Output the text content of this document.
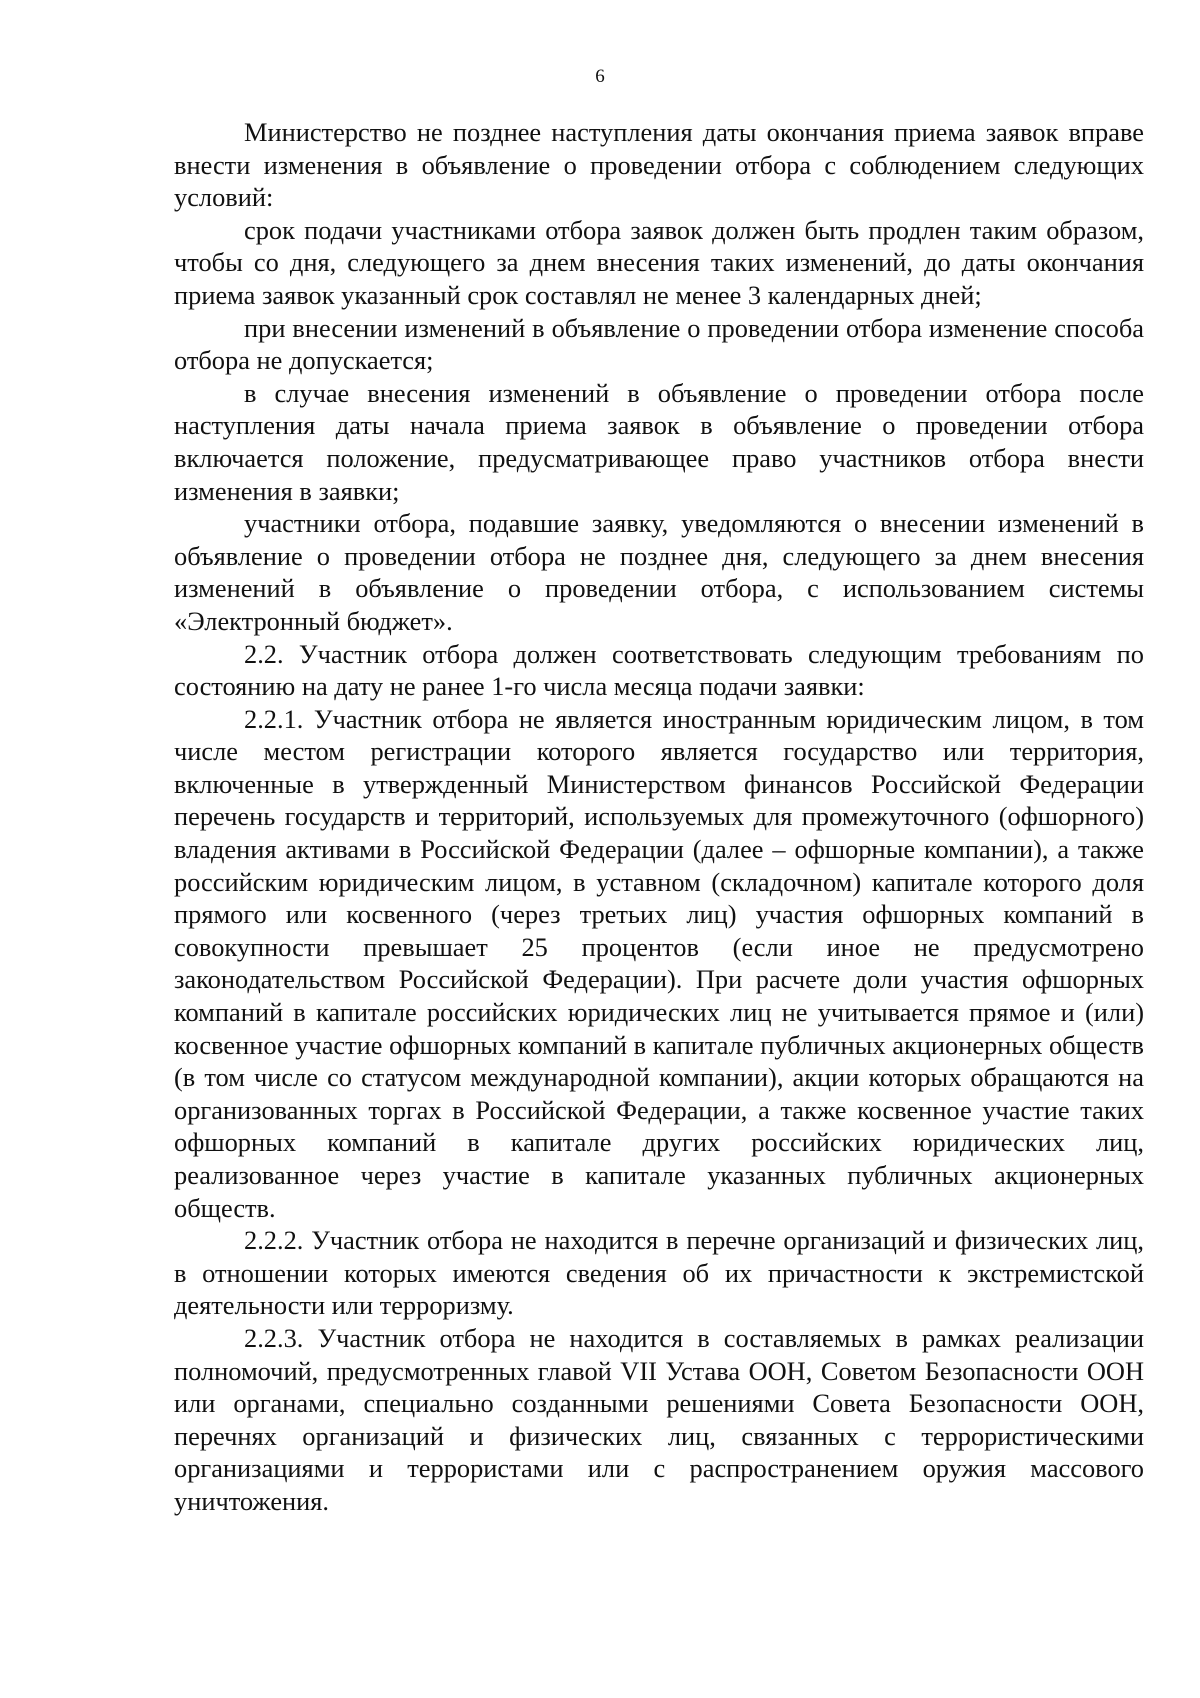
6

Министерство не позднее наступления даты окончания приема заявок вправе внести изменения в объявление о проведении отбора с соблюдением следующих условий:

срок подачи участниками отбора заявок должен быть продлен таким образом, чтобы со дня, следующего за днем внесения таких изменений, до даты окончания приема заявок указанный срок составлял не менее 3 календарных дней;

при внесении изменений в объявление о проведении отбора изменение способа отбора не допускается;

в случае внесения изменений в объявление о проведении отбора после наступления даты начала приема заявок в объявление о проведении отбора включается положение, предусматривающее право участников отбора внести изменения в заявки;

участники отбора, подавшие заявку, уведомляются о внесении изменений в объявление о проведении отбора не позднее дня, следующего за днем внесения изменений в объявление о проведении отбора, с использованием системы «Электронный бюджет».

2.2. Участник отбора должен соответствовать следующим требованиям по состоянию на дату не ранее 1-го числа месяца подачи заявки:

2.2.1. Участник отбора не является иностранным юридическим лицом, в том числе местом регистрации которого является государство или территория, включенные в утвержденный Министерством финансов Российской Федерации перечень государств и территорий, используемых для промежуточного (офшорного) владения активами в Российской Федерации (далее – офшорные компании), а также российским юридическим лицом, в уставном (складочном) капитале которого доля прямого или косвенного (через третьих лиц) участия офшорных компаний в совокупности превышает 25 процентов (если иное не предусмотрено законодательством Российской Федерации). При расчете доли участия офшорных компаний в капитале российских юридических лиц не учитывается прямое и (или) косвенное участие офшорных компаний в капитале публичных акционерных обществ (в том числе со статусом международной компании), акции которых обращаются на организованных торгах в Российской Федерации, а также косвенное участие таких офшорных компаний в капитале других российских юридических лиц, реализованное через участие в капитале указанных публичных акционерных обществ.

2.2.2. Участник отбора не находится в перечне организаций и физических лиц, в отношении которых имеются сведения об их причастности к экстремистской деятельности или терроризму.

2.2.3. Участник отбора не находится в составляемых в рамках реализации полномочий, предусмотренных главой VII Устава ООН, Советом Безопасности ООН или органами, специально созданными решениями Совета Безопасности ООН, перечнях организаций и физических лиц, связанных с террористическими организациями и террористами или с распространением оружия массового уничтожения.
